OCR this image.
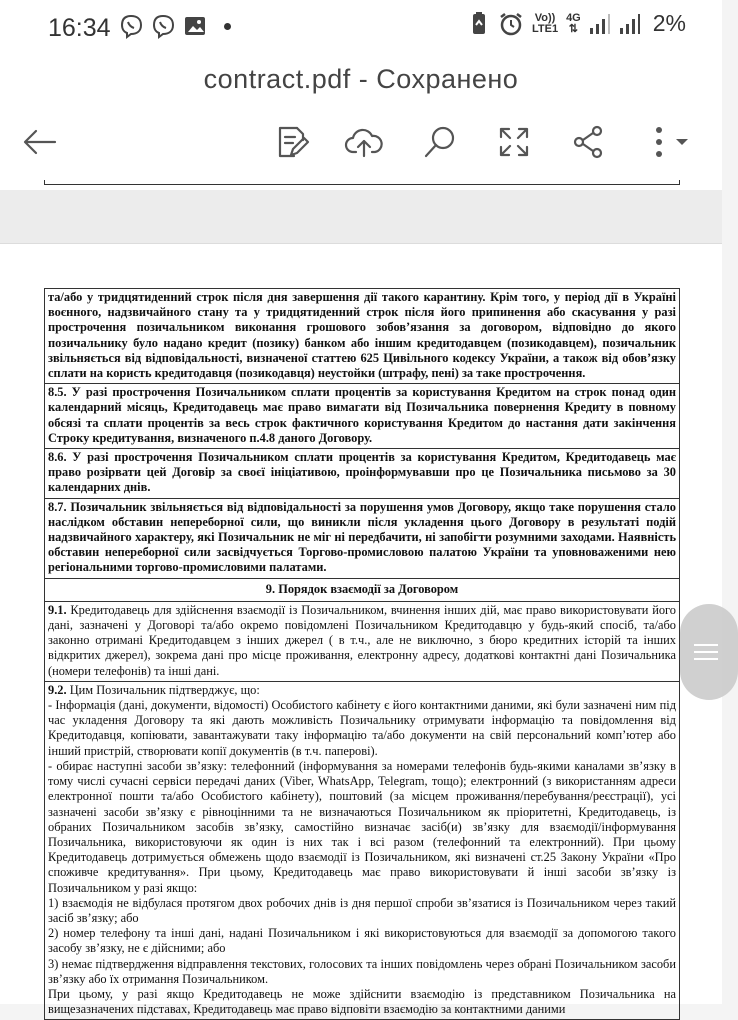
16:34	Vo))
LTE1
4G
⇅	2%
contract.pdf - Сохранено
та/або у тридцятиденний строк після дня завершення дії такого карантину. Крім того, у період дії в Україні воєнного, надзвичайного стану та у тридцятиденний строк після його припинення або скасування у разі прострочення позичальником виконання грошового зобов’язання за договором, відповідно до якого позичальнику було надано кредит (позику) банком або іншим кредитодавцем (позикодавцем), позичальник звільняється від відповідальності, визначеної статтею 625 Цивільного кодексу України, а також від обов’язку сплати на користь кредитодавця (позикодавця) неустойки (штрафу, пені) за таке прострочення.
8.5. У разі прострочення Позичальником сплати процентів за користування Кредитом на строк понад один календарний місяць, Кредитодавець має право вимагати від Позичальника повернення Кредиту в повному обсязі та сплати процентів за весь строк фактичного користування Кредитом до настання дати закінчення Строку кредитування, визначеного п.4.8 даного Договору.
8.6. У разі прострочення Позичальником сплати процентів за користування Кредитом, Кредитодавець має право розірвати цей Договір за своєї ініціативою, проінформувавши про це Позичальника письмово за 30 календарних днів.
8.7. Позичальник звільняється від відповідальності за порушення умов Договору, якщо таке порушення стало наслідком обставин непереборної сили, що виникли після укладення цього Договору в результаті подій надзвичайного характеру, які Позичальник не міг ні передбачити, ні запобігти розумними заходами. Наявність обставин непереборної сили засвідчується Торгово-промисловою палатою України та уповноваженими нею регіональними торгово-промисловими палатами.
9. Порядок взаємодії за Договором
9.1. Кредитодавець для здійснення взаємодії із Позичальником, вчинення інших дій, має право використовувати його дані, зазначені у Договорі та/або окремо повідомлені Позичальником Кредитодавцю у будь-який спосіб, та/або законно отримані Кредитодавцем з інших джерел ( в т.ч., але не виключно, з бюро кредитних історій та інших відкритих джерел), зокрема дані про місце проживання, електронну адресу, додаткові контактні дані Позичальника (номери телефонів) та інші дані.
9.2. Цим Позичальник підтверджує, що:
- Інформація (дані, документи, відомості) Особистого кабінету є його контактними даними, які були зазначені ним під час укладення Договору та які дають можливість Позичальнику отримувати інформацію та повідомлення від Кредитодавця, копіювати, завантажувати таку інформацію та/або документи на свій персональний комп’ютер або інший пристрій, створювати копії документів (в т.ч. паперові).
- обирає наступні засоби зв’язку: телефонний (інформування за номерами телефонів будь-якими каналами зв’язку в тому числі сучасні сервіси передачі даних (Viber, WhatsApp, Telegram, тощо); електронний (з використанням адреси електронної пошти та/або Особистого кабінету), поштовий (за місцем проживання/перебування/реєстрації), усі зазначені засоби зв’язку є рівноцінними та не визначаються Позичальником як пріоритетні, Кредитодавець, із обраних Позичальником засобів зв’язку, самостійно визначає засіб(и) зв’язку для взаємодії/інформування Позичальника, використовуючи як один із них так і всі разом (телефонний та електронний). При цьому Кредитодавець дотримується обмежень щодо взаємодії із Позичальником, які визначені ст.25 Закону України «Про споживче кредитування». При цьому, Кредитодавець має право використовувати й інші засоби зв’язку із Позичальником у разі якщо:
1) взаємодія не відбулася протягом двох робочих днів із дня першої спроби зв’язатися із Позичальником через такий засіб зв’язку; або
2) номер телефону та інші дані, надані Позичальником і які використовуються для взаємодії за допомогою такого засобу зв’язку, не є дійсними; або
3) немає підтвердження відправлення текстових, голосових та інших повідомлень через обрані Позичальником засоби зв’язку або їх отримання Позичальником.
При цьому, у разі якщо Кредитодавець не може здійснити взаємодію із представником Позичальника на вищезазначених підставах, Кредитодавець має право відповіти взаємодію за контактними даними
